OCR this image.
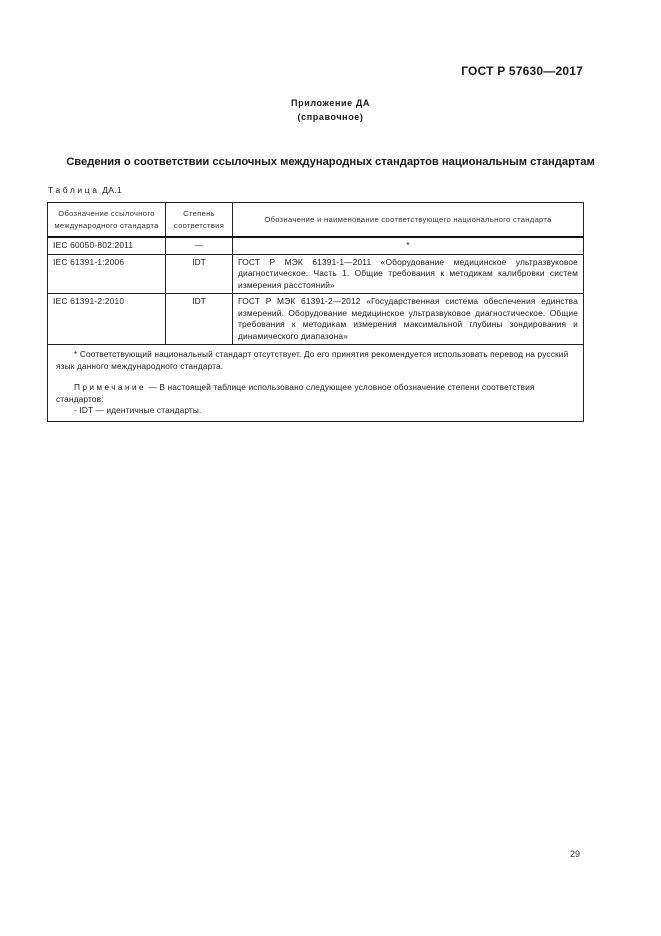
ГОСТ Р 57630—2017
Приложение ДА
(справочное)
Сведения о соответствии ссылочных международных стандартов национальным стандартам
Таблица ДА.1
Обозначение ссылочного международного стандарта	Степень соответствия	Обозначение и наименование соответствующего национального стандарта
IEC 60050-802:2011	—	*
IEC 61391-1:2006	IDT	ГОСТ Р МЭК 61391-1—2011 «Оборудование медицинское ультразвуковое диагностическое. Часть 1. Общие требования к методикам калибровки систем измерения расстояний»
IEC 61391-2:2010	IDT	ГОСТ Р МЭК 61391-2—2012 «Государственная система обеспечения единства измерений. Оборудование медицинское ультразвуковое диагностическое. Общие требования к методикам измерения максимальной глубины зондирования и динамического диапазона»

* Соответствующий национальный стандарт отсутствует. До его принятия рекомендуется использовать перевод на русский язык данного международного стандарта.

Примечание — В настоящей таблице использовано следующее условное обозначение степени соответствия стандартов:

- IDT — идентичные стандарты.		

29
